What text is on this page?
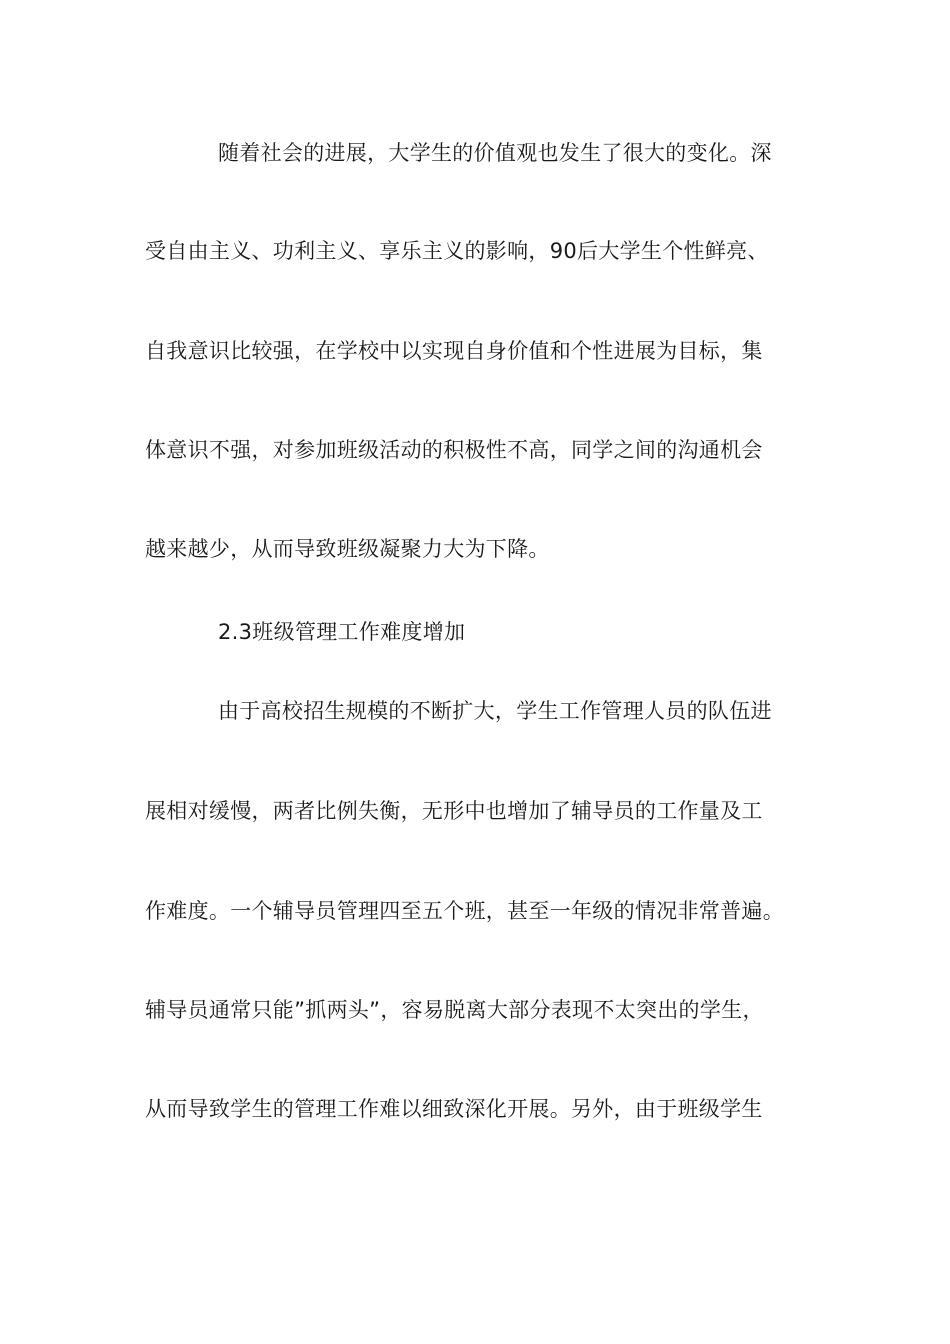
随着社会的进展，大学生的价值观也发生了很大的变化。深
受自由主义、功利主义、享乐主义的影响，90后大学生个性鲜亮、
自我意识比较强，在学校中以实现自身价值和个性进展为目标，集
体意识不强，对参加班级活动的积极性不高，同学之间的沟通机会
越来越少，从而导致班级凝聚力大为下降。
2.3班级管理工作难度增加
由于高校招生规模的不断扩大，学生工作管理人员的队伍进
展相对缓慢，两者比例失衡，无形中也增加了辅导员的工作量及工
作难度。一个辅导员管理四至五个班，甚至一年级的情况非常普遍。
辅导员通常只能”抓两头”，容易脱离大部分表现不太突出的学生，
从而导致学生的管理工作难以细致深化开展。另外，由于班级学生
